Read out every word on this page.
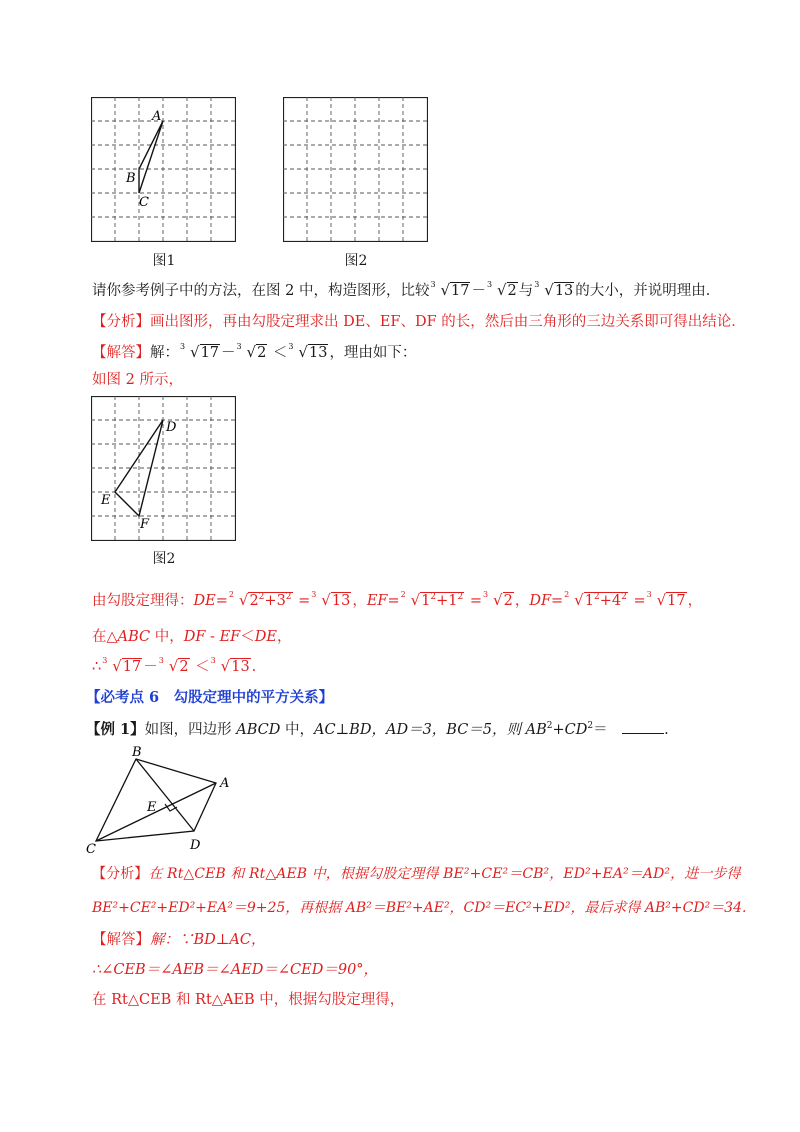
A
B
C
图1	图2
请你参考例子中的方法，在图 2 中，构造图形，比较 3 √17 － 3 √2 与 3 √13 的大小，并说明理由．
【分析】画出图形，再由勾股定理求出 DE、EF、DF 的长，然后由三角形的三边关系即可得出结论．
【解答】解： 3 √17 － 3 √2 ＜ 3 √13 ，理由如下：
如图 2 所示，
D
E
F
图2
由勾股定理得：DE= 2 $√2^2+3^2 = 3$ √13 ，EF= 2 $√1^2+1^2 = 3$ √2 ，DF= 2 $√1^2+4^2 = 3$ √17 ，
在△ABC 中，DF - EF＜DE，
∴ 3 √17 － 3 √2 ＜ 3 √13 .
【必考点 6　勾股定理中的平方关系】
【例 1】如图，四边形 ABCD 中，AC⊥BD，AD＝3，BC＝5，则 $AB^2+CD^2=$　	.
B
A
E
C	D
【分析】在 Rt△CEB 和 Rt△AEB 中，根据勾股定理得 BE²+CE²＝CB²，ED²+EA²＝AD²，进一步得
BE²+CE²+ED²+EA²＝9+25，再根据 AB²＝BE²+AE²，CD²＝EC²+ED²，最后求得 AB²+CD²＝34.
【解答】解：∵BD⊥AC，
∴∠CEB＝∠AEB＝∠AED＝∠CED＝90°，
在 Rt△CEB 和 Rt△AEB 中，根据勾股定理得，
